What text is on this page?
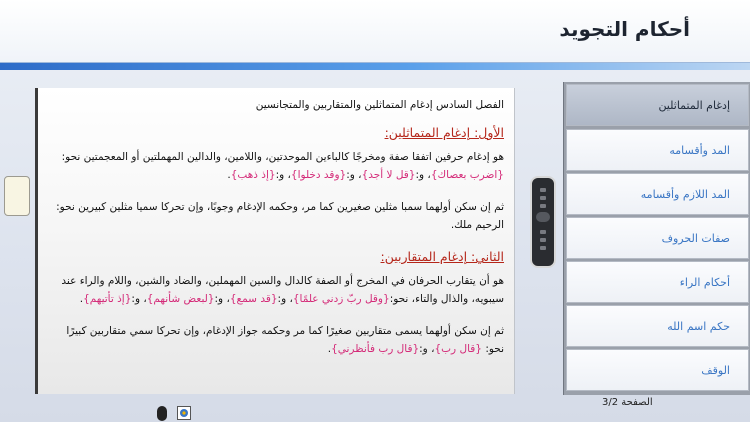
أحكام التجويد
الفصل السادس إدغام المتماثلين والمتقاربين والمتجانسين
الأول: إدغام المتماثلين:

هو إدغام حرفين اتفقا صفة ومخرجًا كالباءين الموحدتين، واللامين، والدالين المهملتين أو المعجمتين نحو:{اضرب بعصاك}، و:{قل لا أجد}، و:{وقد دخلوا}، و:{إذ ذهب}.

ثم إن سكن أولهما سمبا مثلين صغيرين كما مر، وحكمه الإدغام وجوبًا، وإن تحركا سميا مثلين كبيرين نحو: الرحيم ملك.

الثاني: إدغام المتقاربين:

هو أن يتقارب الحرفان في المخرج أو الصفة كالدال والسين المهملين، والضاد والشين، واللام والراء عند سيبويه، والذال والتاء، نحو:{وقل ربّ زدني علمًا}، و:{قد سمع}، و:{لبعض شأنهم}، و:{إذ تأتيهم}.

ثم إن سكن أولهما يسمى متقاربين صغيرًا كما مر وحكمه جواز الإدغام، وإن تحركا سمي متقاربين كبيرًا نحو: {قال رب}، و:{قال رب فأنظرني}.

إدغام المتماثلين
المد وأقسامه
المد اللازم وأقسامه
صفات الحروف
أحكام الراء
حكم اسم الله
الوقف
الصفحة 3/2
